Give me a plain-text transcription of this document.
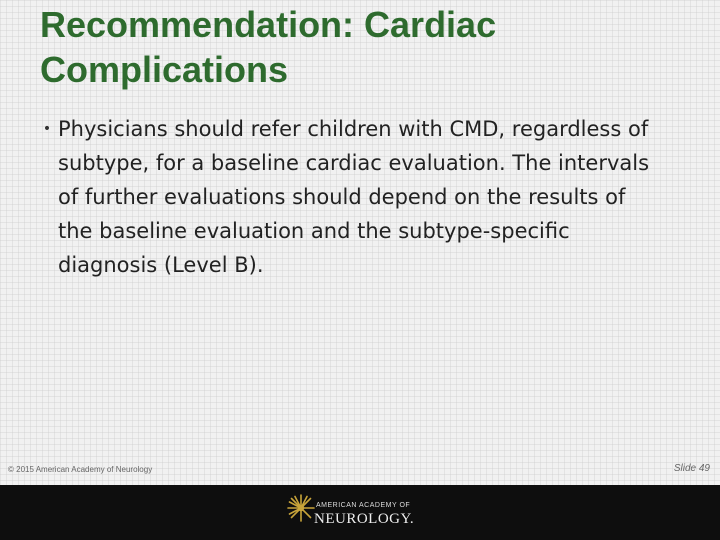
Recommendation: Cardiac Complications
• Physicians should refer children with CMD, regardless of subtype, for a baseline cardiac evaluation. The intervals of further evaluations should depend on the results of the baseline evaluation and the subtype-specific diagnosis (Level B).

© 2015 American Academy of Neurology	Slide 49
AMERICAN ACADEMY OF
NEUROLOGY.
